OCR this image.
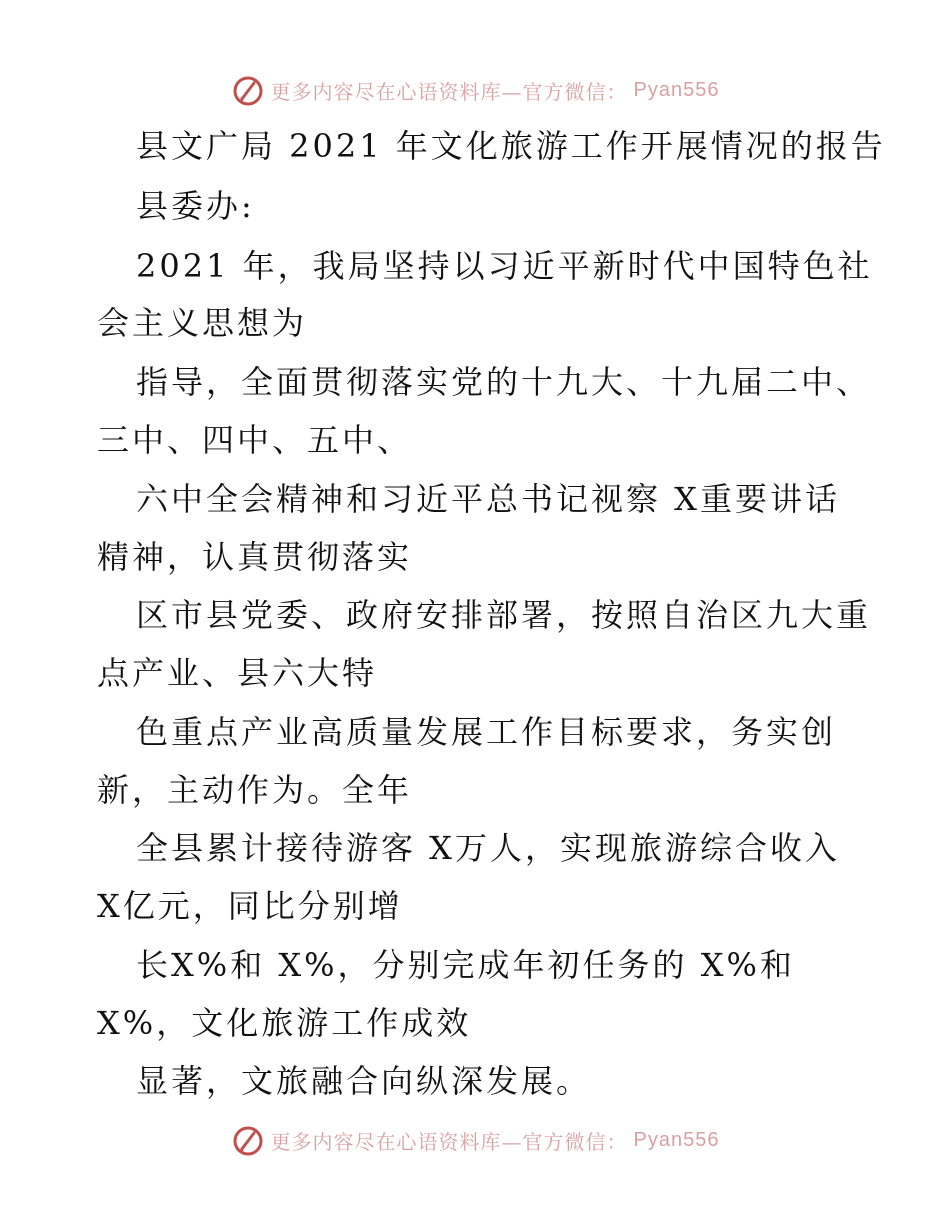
更多内容尽在心语资料库—官方微信： Pyan556
县文广局 2021 年文化旅游工作开展情况的报告
县委办:
2021 年，我局坚持以习近平新时代中国特色社
会主义思想为
指导，全面贯彻落实党的十九大、十九届二中、
三中、四中、五中、
六中全会精神和习近平总书记视察 X重要讲话
精神，认真贯彻落实
区市县党委、政府安排部署，按照自治区九大重
点产业、县六大特
色重点产业高质量发展工作目标要求，务实创
新，主动作为。全年
全县累计接待游客 X万人，实现旅游综合收入
X亿元，同比分别增
长X%和 X%，分别完成年初任务的 X%和
X%，文化旅游工作成效
显著，文旅融合向纵深发展。
更多内容尽在心语资料库—官方微信： Pyan556
